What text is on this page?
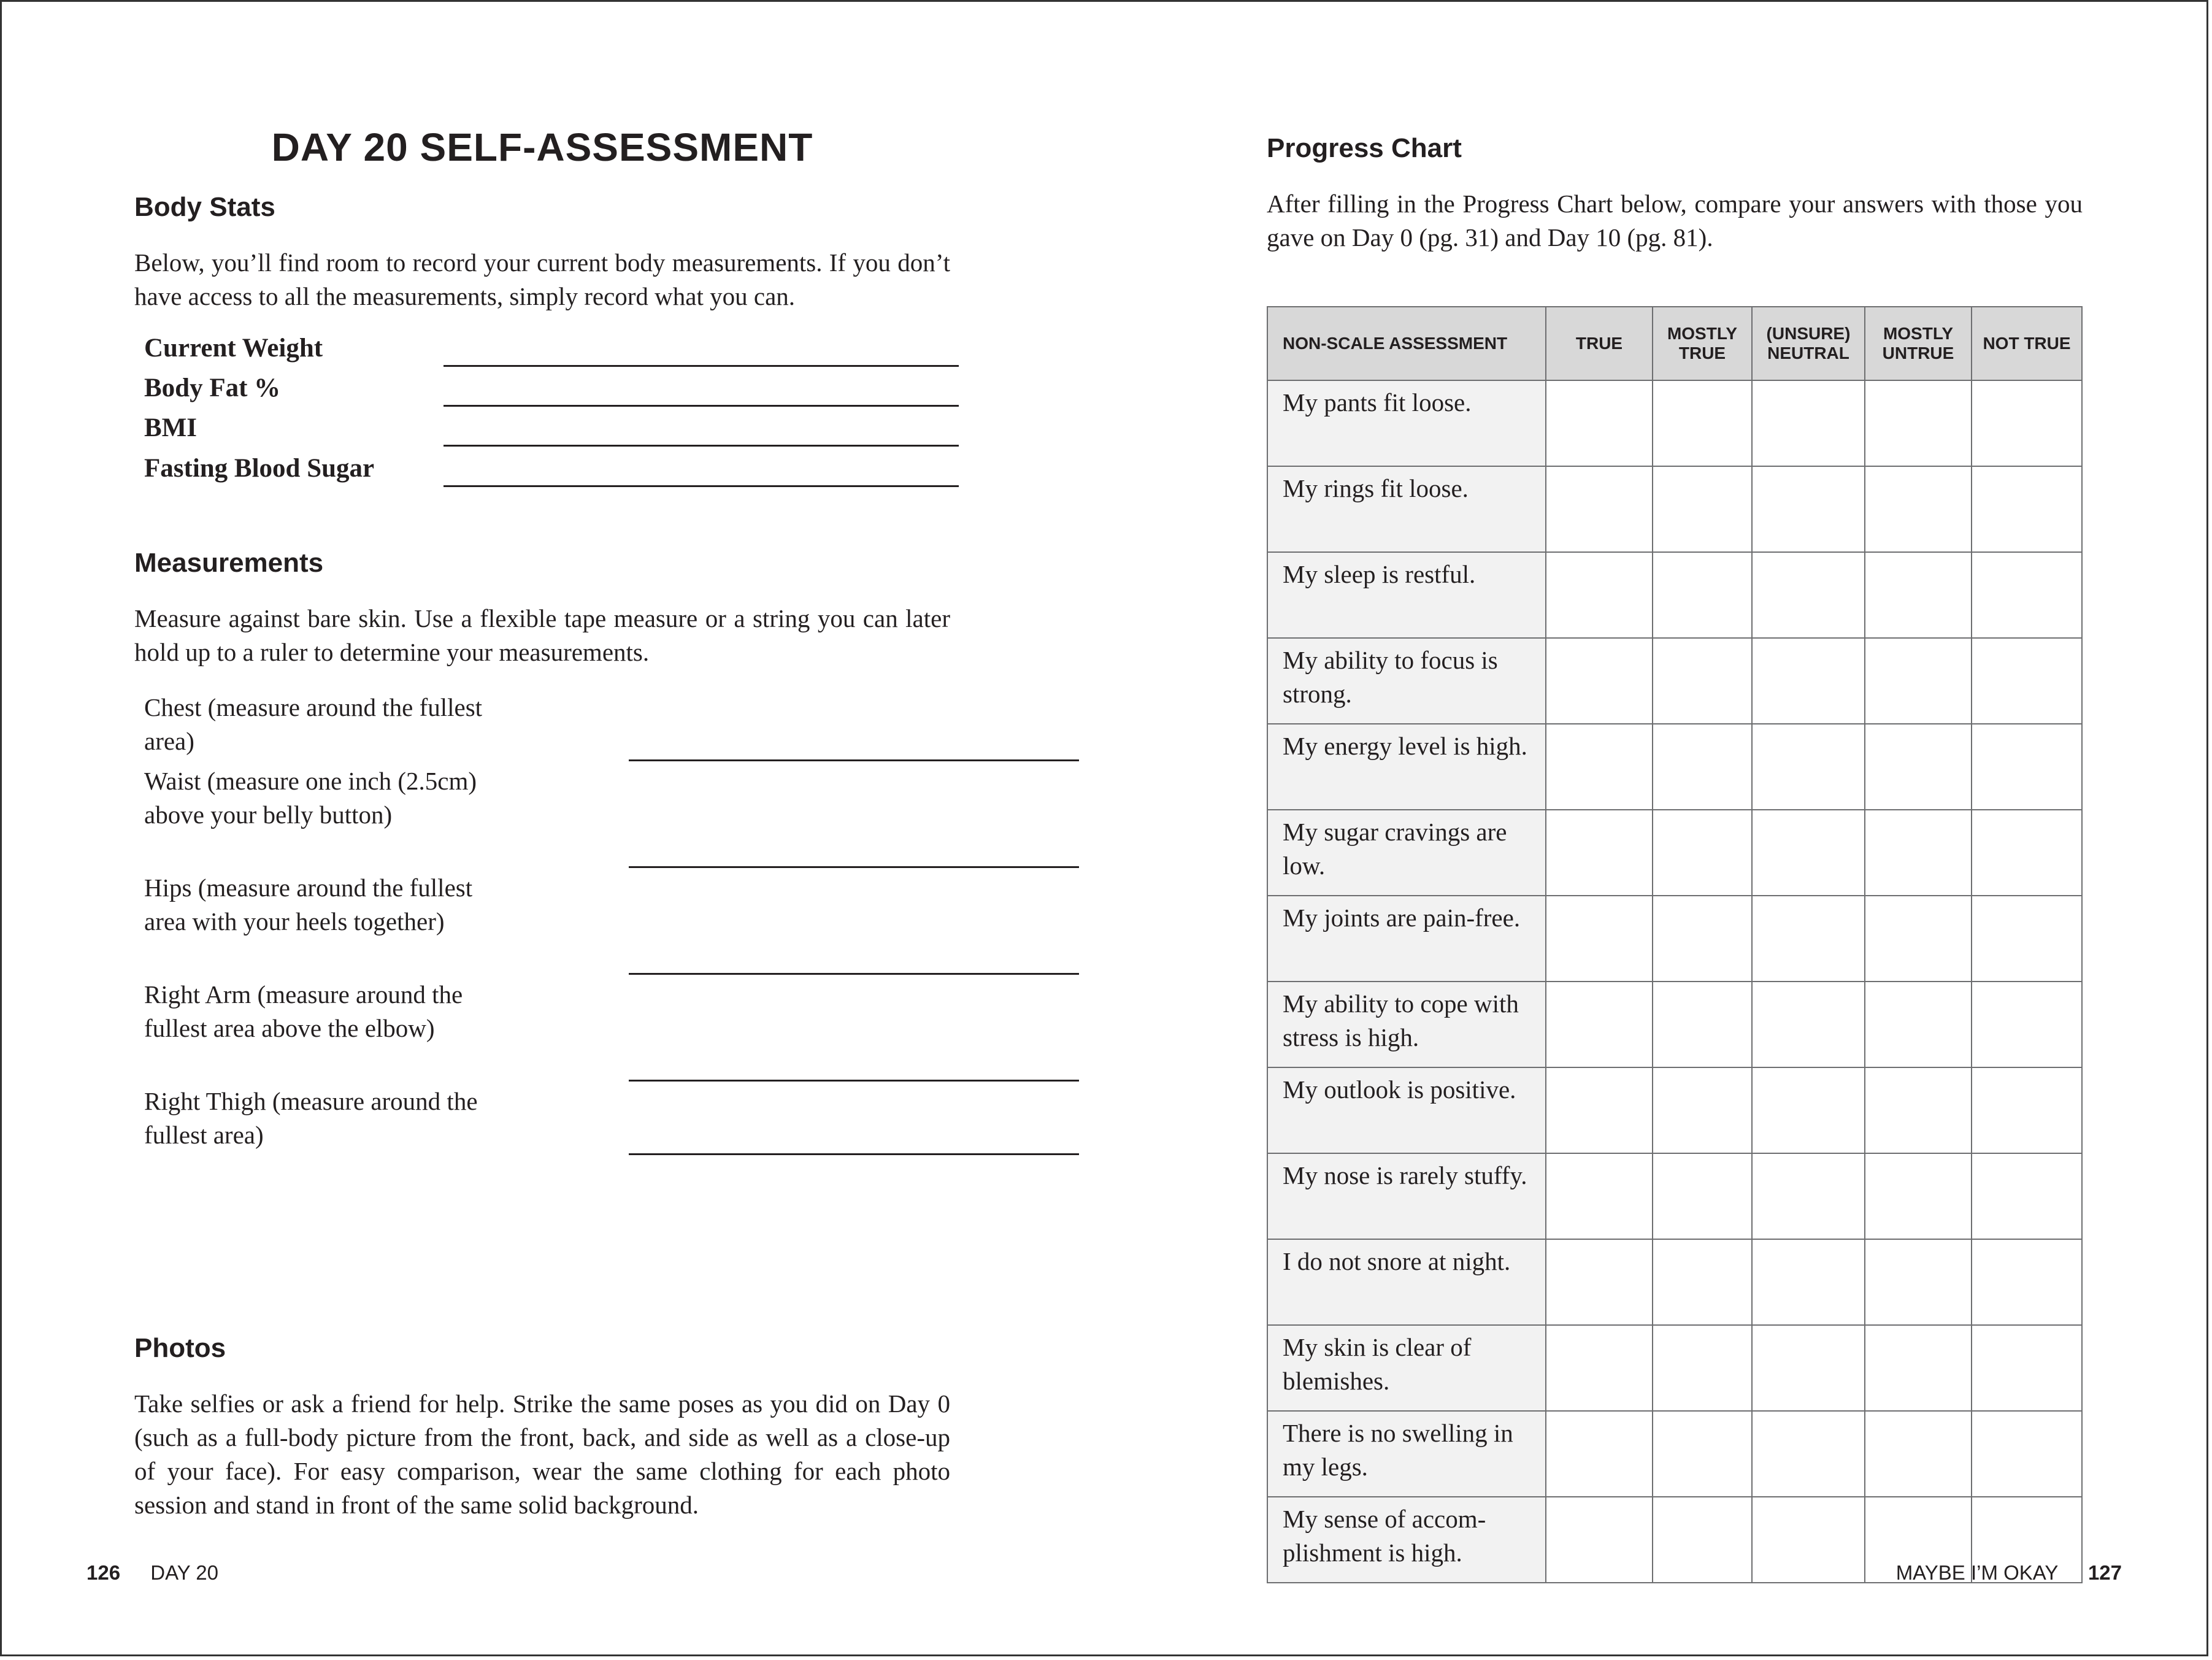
DAY 20 SELF-ASSESSMENT
Body Stats
Below, you’ll find room to record your current body measurements. If you don’t have access to all the measurements, simply record what you can.
Current Weight
Body Fat %
BMI
Fasting Blood Sugar
Measurements
Measure against bare skin. Use a flexible tape measure or a string you can later hold up to a ruler to determine your measurements.
Chest (measure around the fullest area)
Waist (measure one inch (2.5cm) above your belly button)
Hips (measure around the fullest area with your heels together)
Right Arm (measure around the fullest area above the elbow)
Right Thigh (measure around the fullest area)
Photos
Take selfies or ask a friend for help. Strike the same poses as you did on Day 0 (such as a full-body picture from the front, back, and side as well as a close-up of your face). For easy comparison, wear the same clothing for each photo session and stand in front of the same solid background.
126 DAY 20
Progress Chart
After filling in the Progress Chart below, compare your answers with those you gave on Day 0 (pg. 31) and Day 10 (pg. 81).
NON-SCALE ASSESSMENT	TRUE	MOSTLY TRUE	(UNSURE) NEUTRAL	MOSTLY UNTRUE	NOT TRUE
My pants fit loose.					
My rings fit loose.					
My sleep is restful.					
My ability to focus is strong.					
My energy level is high.					
My sugar cravings are low.					
My joints are pain-free.					
My ability to cope with stress is high.					
My outlook is positive.					
My nose is rarely stuffy.					
I do not snore at night.					
My skin is clear of blemishes.					
There is no swelling in my legs.					
My sense of accom-plishment is high.					
MAYBE I’M OKAY 127
